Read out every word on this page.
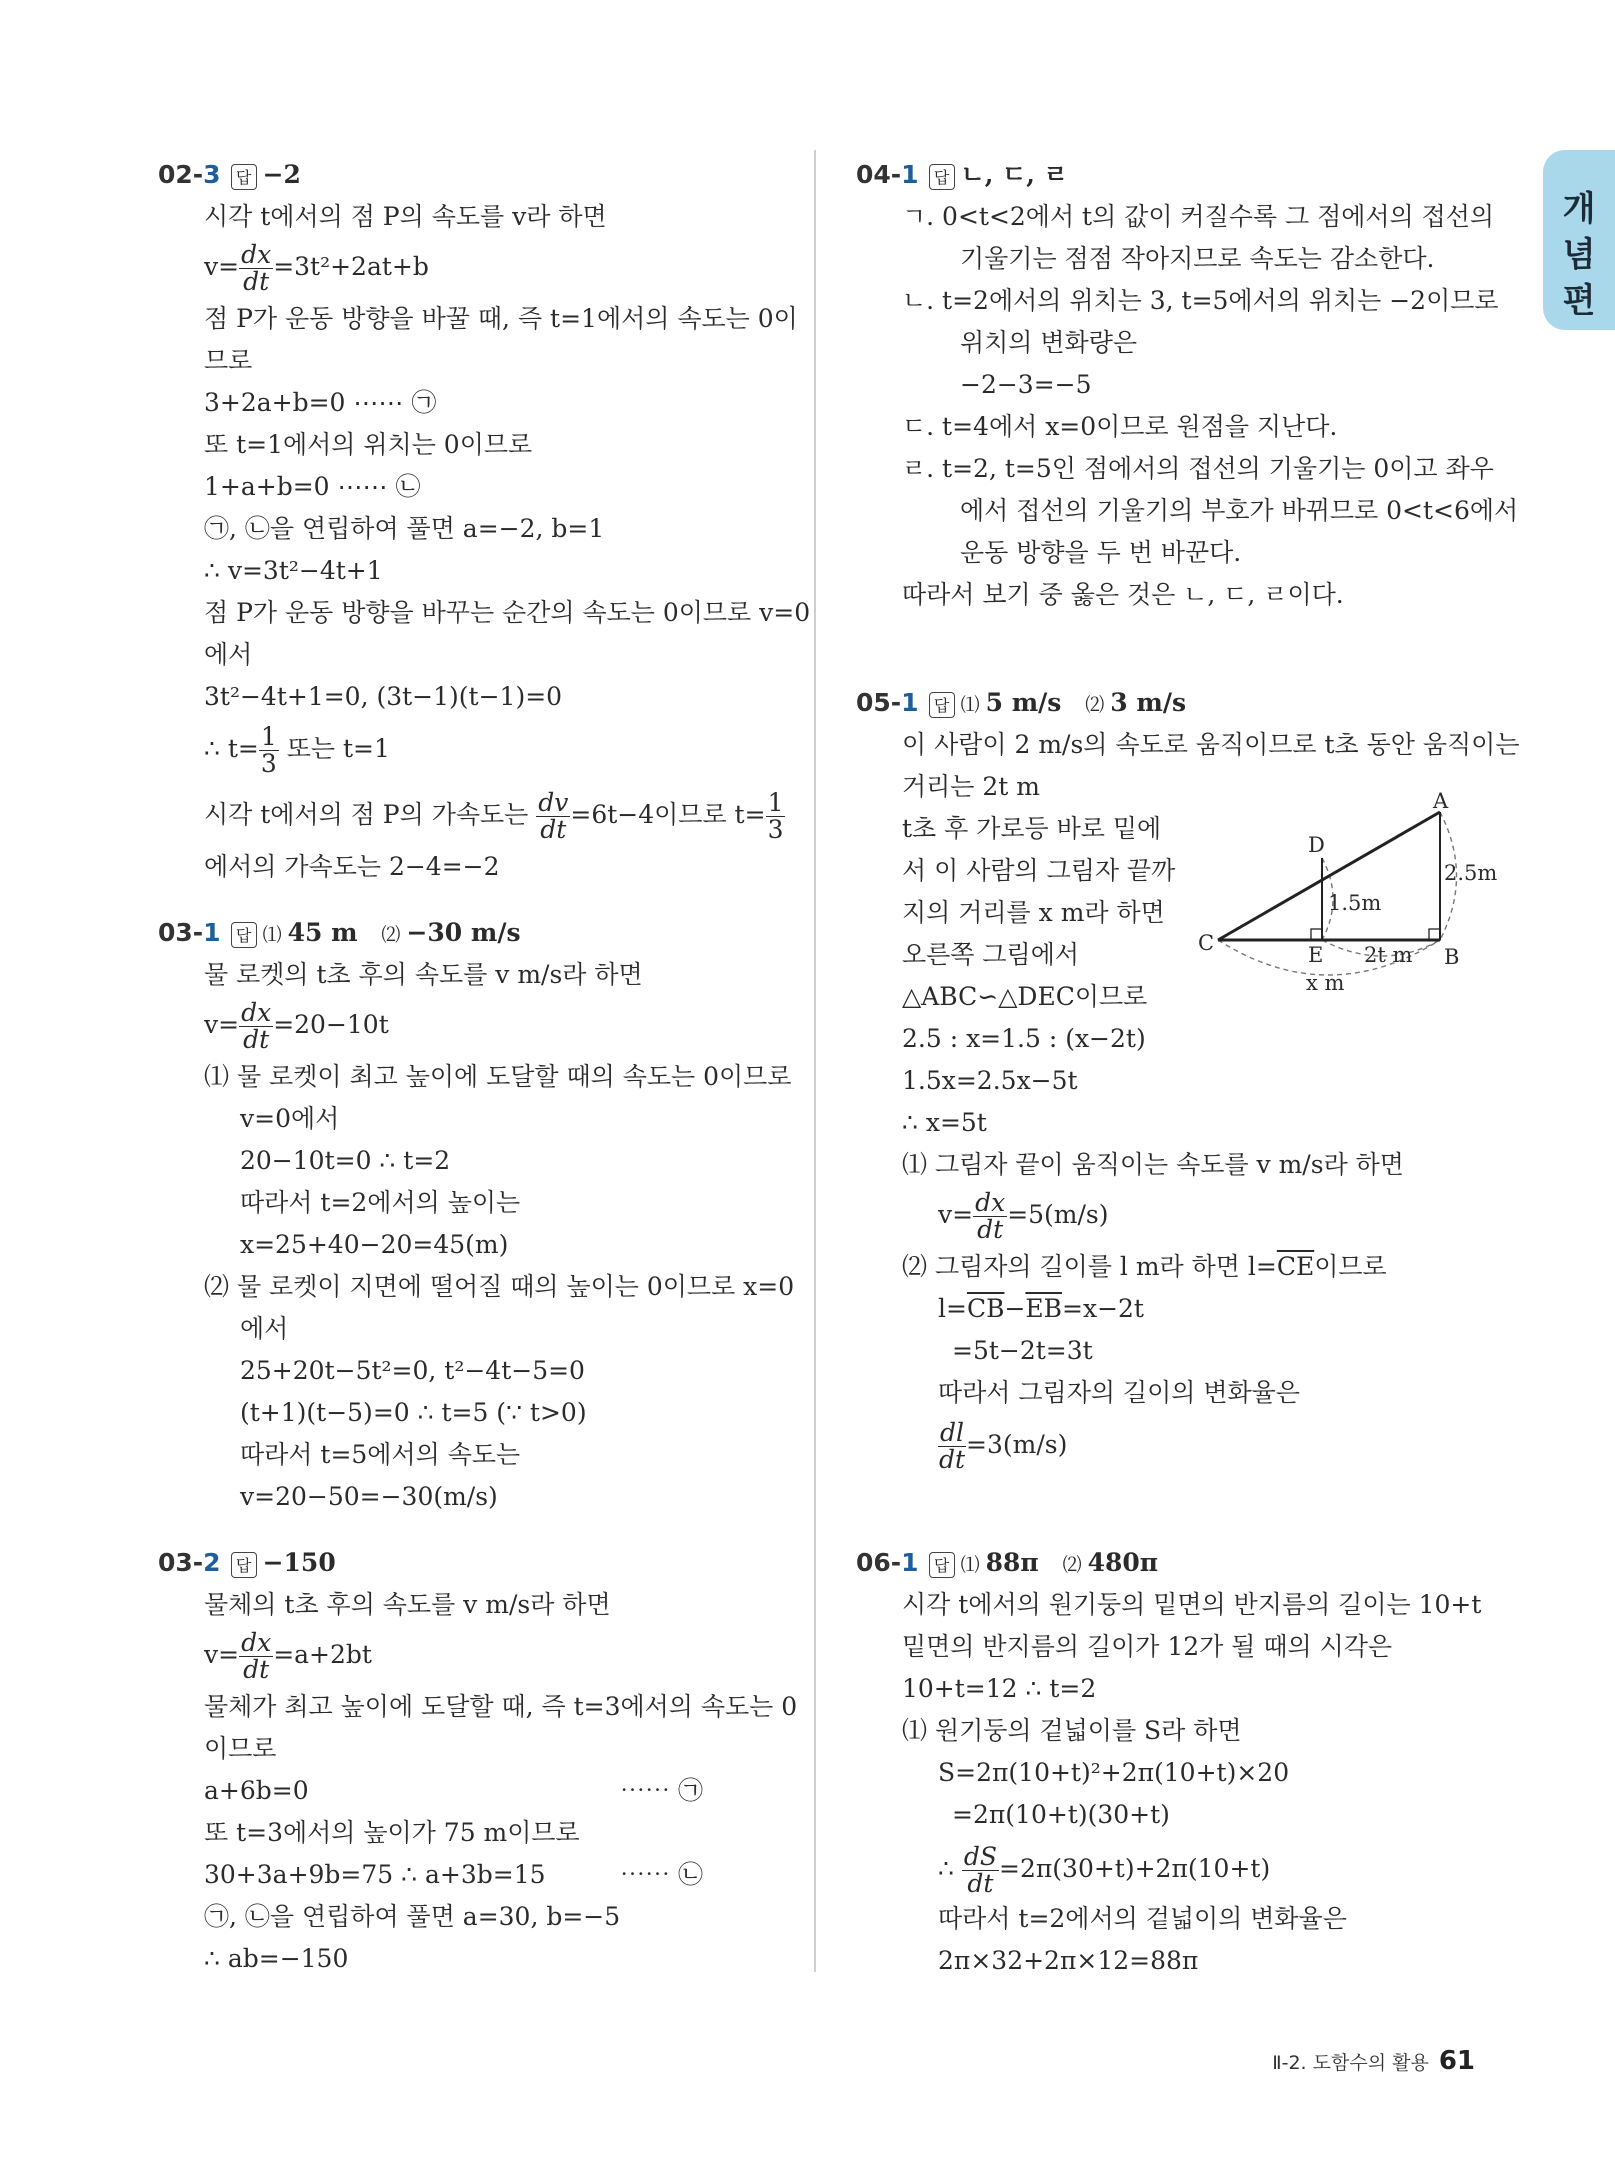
개
념
편
02-3 답 −2
시각 t에서의 점 P의 속도를 v라 하면
$v= \frac{dx}{dt} =3t^2+2at+b$
점 P가 운동 방향을 바꿀 때, 즉 t=1에서의 속도는 0이
므로
3+2a+b=0 ⋯⋯ ㉠
또 t=1에서의 위치는 0이므로
1+a+b=0 ⋯⋯ ㉡
㉠, ㉡을 연립하여 풀면 a=−2, b=1
∴ v=3t²−4t+1
점 P가 운동 방향을 바꾸는 순간의 속도는 0이므로 v=0
에서
3t²−4t+1=0, (3t−1)(t−1)=0
∴ $t= \frac{1}{3}$ 또는 t=1
시각 t에서의 점 P의 가속도는 $\frac{dv}{dt} =6t-4$이므로 $t= \frac{1}{3}$
에서의 가속도는 2−4=−2
03-1 답 ⑴ 45 m ⑵ −30 m/s
물 로켓의 t초 후의 속도를 v m/s라 하면
$v= \frac{dx}{dt} =20-10t$
⑴ 물 로켓이 최고 높이에 도달할 때의 속도는 0이므로
v=0에서
20−10t=0 ∴ t=2
따라서 t=2에서의 높이는
x=25+40−20=45(m)
⑵ 물 로켓이 지면에 떨어질 때의 높이는 0이므로 x=0
에서
25+20t−5t²=0, t²−4t−5=0
(t+1)(t−5)=0 ∴ t=5 (∵ t>0)
따라서 t=5에서의 속도는
v=20−50=−30(m/s)
03-2 답 −150
물체의 t초 후의 속도를 v m/s라 하면
$v= \frac{dx}{dt} =a+2bt$
물체가 최고 높이에 도달할 때, 즉 t=3에서의 속도는 0
이므로
a+6b=0	⋯⋯ ㉠
또 t=3에서의 높이가 75 m이므로
30+3a+9b=75 ∴ a+3b=15	⋯⋯ ㉡
㉠, ㉡을 연립하여 풀면 a=30, b=−5
∴ ab=−150
04-1 답 ㄴ, ㄷ, ㄹ
ㄱ. 0<t<2에서 t의 값이 커질수록 그 점에서의 접선의
기울기는 점점 작아지므로 속도는 감소한다.
ㄴ. t=2에서의 위치는 3, t=5에서의 위치는 −2이므로
위치의 변화량은
−2−3=−5
ㄷ. t=4에서 x=0이므로 원점을 지난다.
ㄹ. t=2, t=5인 점에서의 접선의 기울기는 0이고 좌우
에서 접선의 기울기의 부호가 바뀌므로 0<t<6에서
운동 방향을 두 번 바꾼다.
따라서 보기 중 옳은 것은 ㄴ, ㄷ, ㄹ이다.
05-1 답 ⑴ 5 m/s ⑵ 3 m/s
이 사람이 2 m/s의 속도로 움직이므로 t초 동안 움직이는
거리는 2t m
t초 후 가로등 바로 밑에
서 이 사람의 그림자 끝까
지의 거리를 x m라 하면
오른쪽 그림에서
△ABC∽△DEC이므로
2.5 : x=1.5 : (x−2t)
1.5x=2.5x−5t
∴ x=5t
⑴ 그림자 끝이 움직이는 속도를 v m/s라 하면
$v= \frac{dx}{dt} =5(m/s)$
⑵ 그림자의 길이를 l m라 하면 $l=\overline{CE}$이므로
$l=\overline{CB}-\overline{EB}=x-2t$
=5t−2t=3t
따라서 그림자의 길이의 변화율은
$\frac{dl}{dt} =3(m/s)$
06-1 답 ⑴ 88π ⑵ 480π
시각 t에서의 원기둥의 밑면의 반지름의 길이는 10+t
밑면의 반지름의 길이가 12가 될 때의 시각은
10+t=12 ∴ t=2
⑴ 원기둥의 겉넓이를 S라 하면
S=2π(10+t)²+2π(10+t)×20
=2π(10+t)(30+t)
∴ $\frac{dS}{dt} =2\pi(30+t)+2\pi(10+t)$
따라서 t=2에서의 겉넓이의 변화율은
2π×32+2π×12=88π
A
B
C
D
E
2.5m
1.5m
2t m
x m
Ⅱ-2. 도함수의 활용 61
